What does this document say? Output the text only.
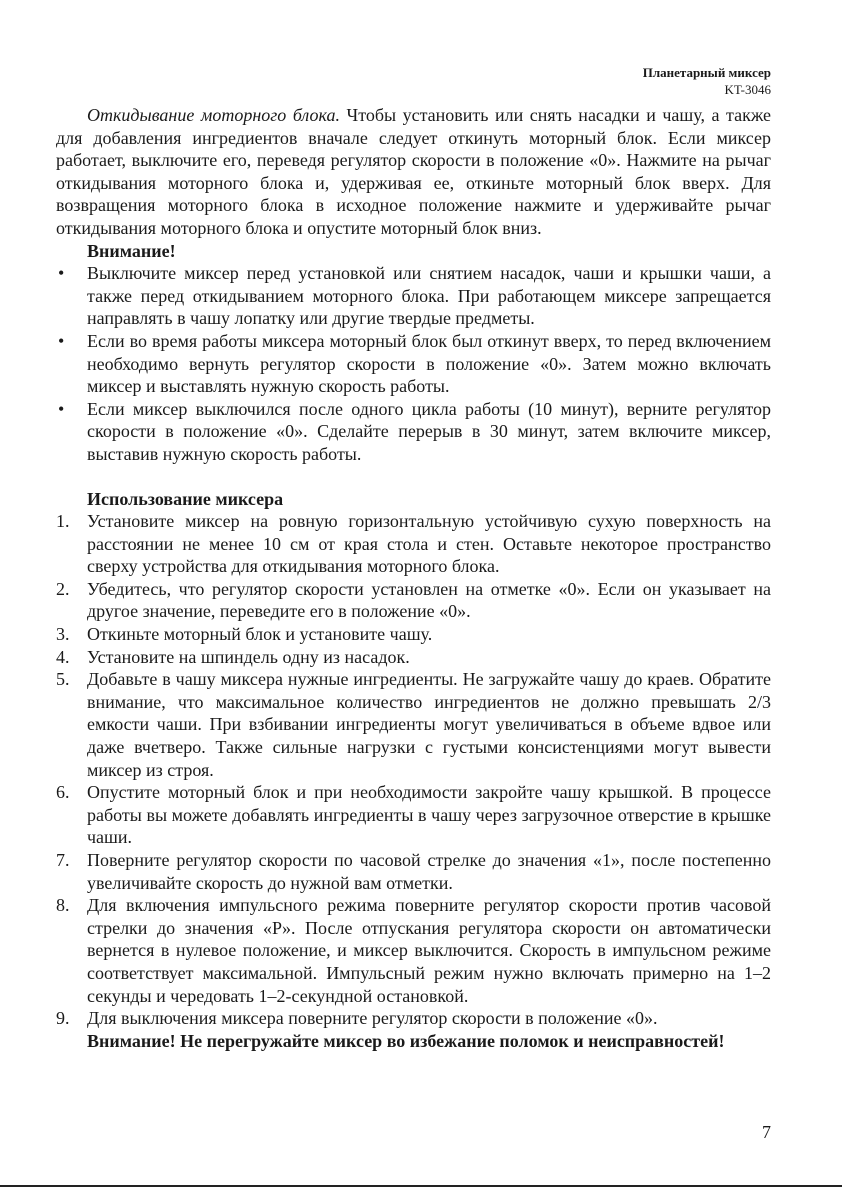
Планетарный миксер
KT-3046

Откидывание моторного блока. Чтобы установить или снять насадки и чашу, а также для добавления ингредиентов вначале следует откинуть моторный блок. Если миксер работает, выключите его, переведя регулятор скорости в положение «0». Нажмите на рычаг откидывания моторного блока и, удерживая ее, откиньте моторный блок вверх. Для возвращения моторного блока в исходное положение нажмите и удерживайте рычаг откидывания моторного блока и опустите моторный блок вниз.

Внимание!

• Выключите миксер перед установкой или снятием насадок, чаши и крышки чаши, а также перед откидыванием моторного блока. При работающем миксере запрещается направлять в чашу лопатку или другие твердые предметы.
• Если во время работы миксера моторный блок был откинут вверх, то перед включением необходимо вернуть регулятор скорости в положение «0». Затем можно включать миксер и выставлять нужную скорость работы.
• Если миксер выключился после одного цикла работы (10 минут), верните регулятор скорости в положение «0». Сделайте перерыв в 30 минут, затем включите миксер, выставив нужную скорость работы.

Использование миксера

1. Установите миксер на ровную горизонтальную устойчивую сухую поверхность на расстоянии не менее 10 см от края стола и стен. Оставьте некоторое пространство сверху устройства для откидывания моторного блока.
2. Убедитесь, что регулятор скорости установлен на отметке «0». Если он указывает на другое значение, переведите его в положение «0».
3. Откиньте моторный блок и установите чашу.
4. Установите на шпиндель одну из насадок.
5. Добавьте в чашу миксера нужные ингредиенты. Не загружайте чашу до краев. Обратите внимание, что максимальное количество ингредиентов не должно превышать 2/3 емкости чаши. При взбивании ингредиенты могут увеличиваться в объеме вдвое или даже вчетверо. Также сильные нагрузки с густыми консистенциями могут вывести миксер из строя.
6. Опустите моторный блок и при необходимости закройте чашу крышкой. В процессе работы вы можете добавлять ингредиенты в чашу через загрузочное отверстие в крышке чаши.
7. Поверните регулятор скорости по часовой стрелке до значения «1», после постепенно увеличивайте скорость до нужной вам отметки.
8. Для включения импульсного режима поверните регулятор скорости против часовой стрелки до значения «P». После отпускания регулятора скорости он автоматически вернется в нулевое положение, и миксер выключится. Скорость в импульсном режиме соответствует максимальной. Импульсный режим нужно включать примерно на 1–2 секунды и чередовать 1–2-секундной остановкой.
9. Для выключения миксера поверните регулятор скорости в положение «0».

Внимание! Не перегружайте миксер во избежание поломок и неисправностей!

7
